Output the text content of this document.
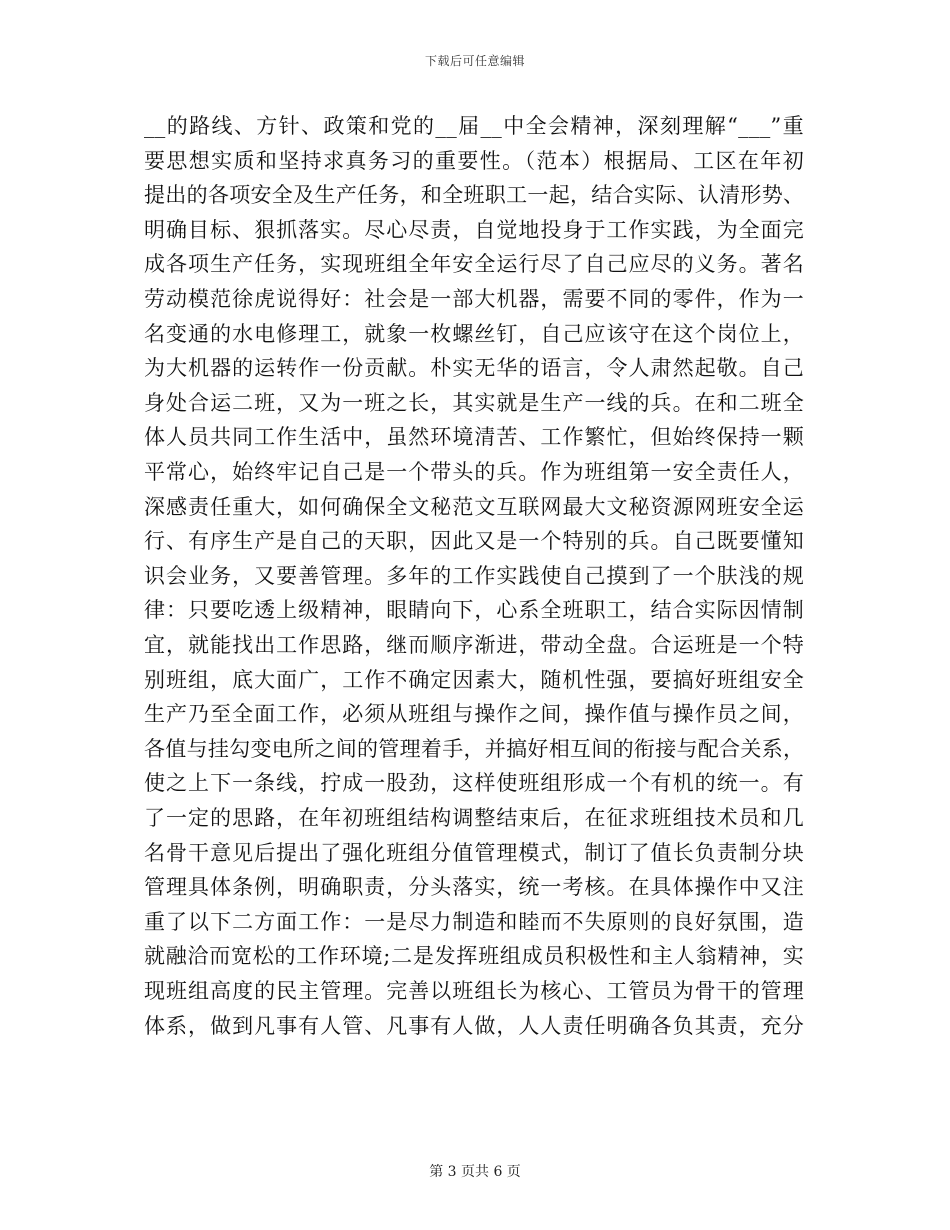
下载后可任意编辑
__的路线、方针、政策和党的__届__中全会精神，深刻理解“___”重
要思想实质和坚持求真务习的重要性。（范本）根据局、工区在年初
提出的各项安全及生产任务，和全班职工一起，结合实际、认清形势、
明确目标、狠抓落实。尽心尽责，自觉地投身于工作实践，为全面完
成各项生产任务，实现班组全年安全运行尽了自己应尽的义务。著名
劳动模范徐虎说得好：社会是一部大机器，需要不同的零件，作为一
名变通的水电修理工，就象一枚螺丝钉，自己应该守在这个岗位上，
为大机器的运转作一份贡献。朴实无华的语言，令人肃然起敬。自己
身处合运二班，又为一班之长，其实就是生产一线的兵。在和二班全
体人员共同工作生活中，虽然环境清苦、工作繁忙，但始终保持一颗
平常心，始终牢记自己是一个带头的兵。作为班组第一安全责任人，
深感责任重大，如何确保全文秘范文互联网最大文秘资源网班安全运
行、有序生产是自己的天职，因此又是一个特别的兵。自己既要懂知
识会业务，又要善管理。多年的工作实践使自己摸到了一个肤浅的规
律：只要吃透上级精神，眼睛向下，心系全班职工，结合实际因情制
宜，就能找出工作思路，继而顺序渐进，带动全盘。合运班是一个特
别班组，底大面广，工作不确定因素大，随机性强，要搞好班组安全
生产乃至全面工作，必须从班组与操作之间，操作值与操作员之间，
各值与挂勾变电所之间的管理着手，并搞好相互间的衔接与配合关系，
使之上下一条线，拧成一股劲，这样使班组形成一个有机的统一。有
了一定的思路，在年初班组结构调整结束后，在征求班组技术员和几
名骨干意见后提出了强化班组分值管理模式，制订了值长负责制分块
管理具体条例，明确职责，分头落实，统一考核。在具体操作中又注
重了以下二方面工作：一是尽力制造和睦而不失原则的良好氛围，造
就融洽而宽松的工作环境;二是发挥班组成员积极性和主人翁精神，实
现班组高度的民主管理。完善以班组长为核心、工管员为骨干的管理
体系，做到凡事有人管、凡事有人做，人人责任明确各负其责，充分
第 3 页共 6 页
